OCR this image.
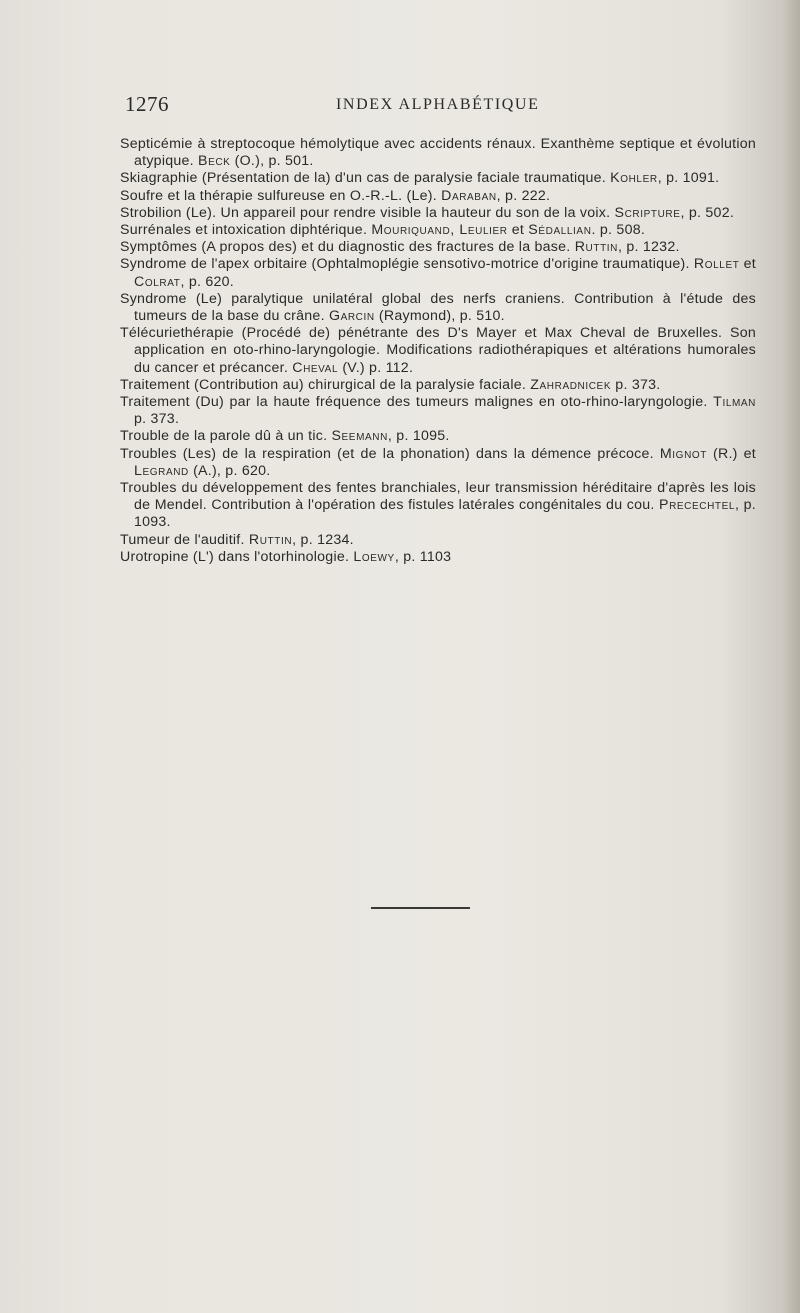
1276	INDEX ALPHABÉTIQUE

Septicémie à streptocoque hémolytique avec accidents rénaux. Exanthème septique et évolution atypique. Beck (O.), p. 501.

Skiagraphie (Présentation de la) d'un cas de paralysie faciale traumatique. Kohler, p. 1091.

Soufre et la thérapie sulfureuse en O.-R.-L. (Le). Daraban, p. 222.

Strobilion (Le). Un appareil pour rendre visible la hauteur du son de la voix. Scripture, p. 502.

Surrénales et intoxication diphtérique. Mouriquand, Leulier et Sédallian. p. 508.

Symptômes (A propos des) et du diagnostic des fractures de la base. Ruttin, p. 1232.

Syndrome de l'apex orbitaire (Ophtalmoplégie sensotivo-motrice d'origine traumatique). Rollet et Colrat, p. 620.

Syndrome (Le) paralytique unilatéral global des nerfs craniens. Contribution à l'étude des tumeurs de la base du crâne. Garcin (Raymond), p. 510.

Télécuriethérapie (Procédé de) pénétrante des D's Mayer et Max Cheval de Bruxelles. Son application en oto-rhino-laryngologie. Modifications radiothérapiques et altérations humorales du cancer et précancer. Cheval (V.) p. 112.

Traitement (Contribution au) chirurgical de la paralysie faciale. Zahradnicek p. 373.

Traitement (Du) par la haute fréquence des tumeurs malignes en oto-rhino-laryngologie. Tilman p. 373.

Trouble de la parole dû à un tic. Seemann, p. 1095.

Troubles (Les) de la respiration (et de la phonation) dans la démence précoce. Mignot (R.) et Legrand (A.), p. 620.

Troubles du développement des fentes branchiales, leur transmission héréditaire d'après les lois de Mendel. Contribution à l'opération des fistules latérales congénitales du cou. Precechtel, p. 1093.

Tumeur de l'auditif. Ruttin, p. 1234.

Urotropine (L') dans l'otorhinologie. Loewy, p. 1103
